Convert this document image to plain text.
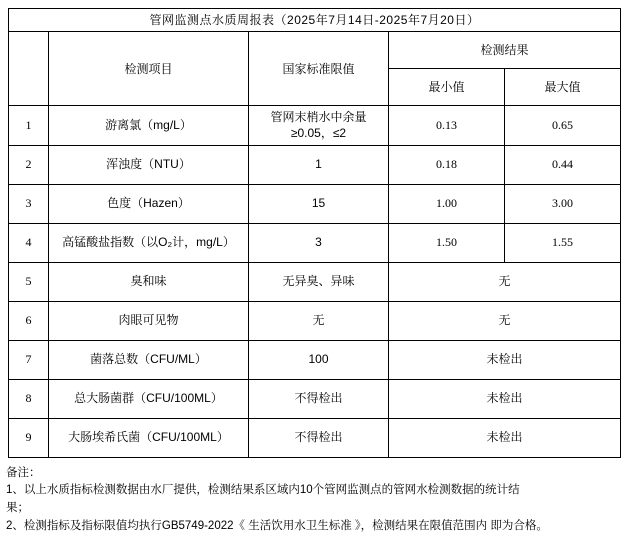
管网监测点水质周报表（2025年7月14日-2025年7月20日）				
	检测项目	国家标准限值	检测结果	
			最小值	最大值
1	游离氯（mg/L）	管网末梢水中余量≥0.05，≤2	0.13	0.65
2	浑浊度（NTU）	1	0.18	0.44
3	色度（Hazen）	15	1.00	3.00
4	高锰酸盐指数（以O₂计，mg/L）	3	1.50	1.55
5	臭和味	无异臭、异味	无	
6	肉眼可见物	无	无	
7	菌落总数（CFU/ML）	100	未检出	
8	总大肠菌群（CFU/100ML）	不得检出	未检出	
9	大肠埃希氏菌（CFU/100ML）	不得检出	未检出	
备注：
1、以上水质指标检测数据由水厂提供，检测结果系区域内10个管网监测点的管网水检测数据的统计结
果；
2、检测指标及指标限值均执行GB5749-2022《 生活饮用水卫生标准 》，检测结果在限值范围内 即为合格。
